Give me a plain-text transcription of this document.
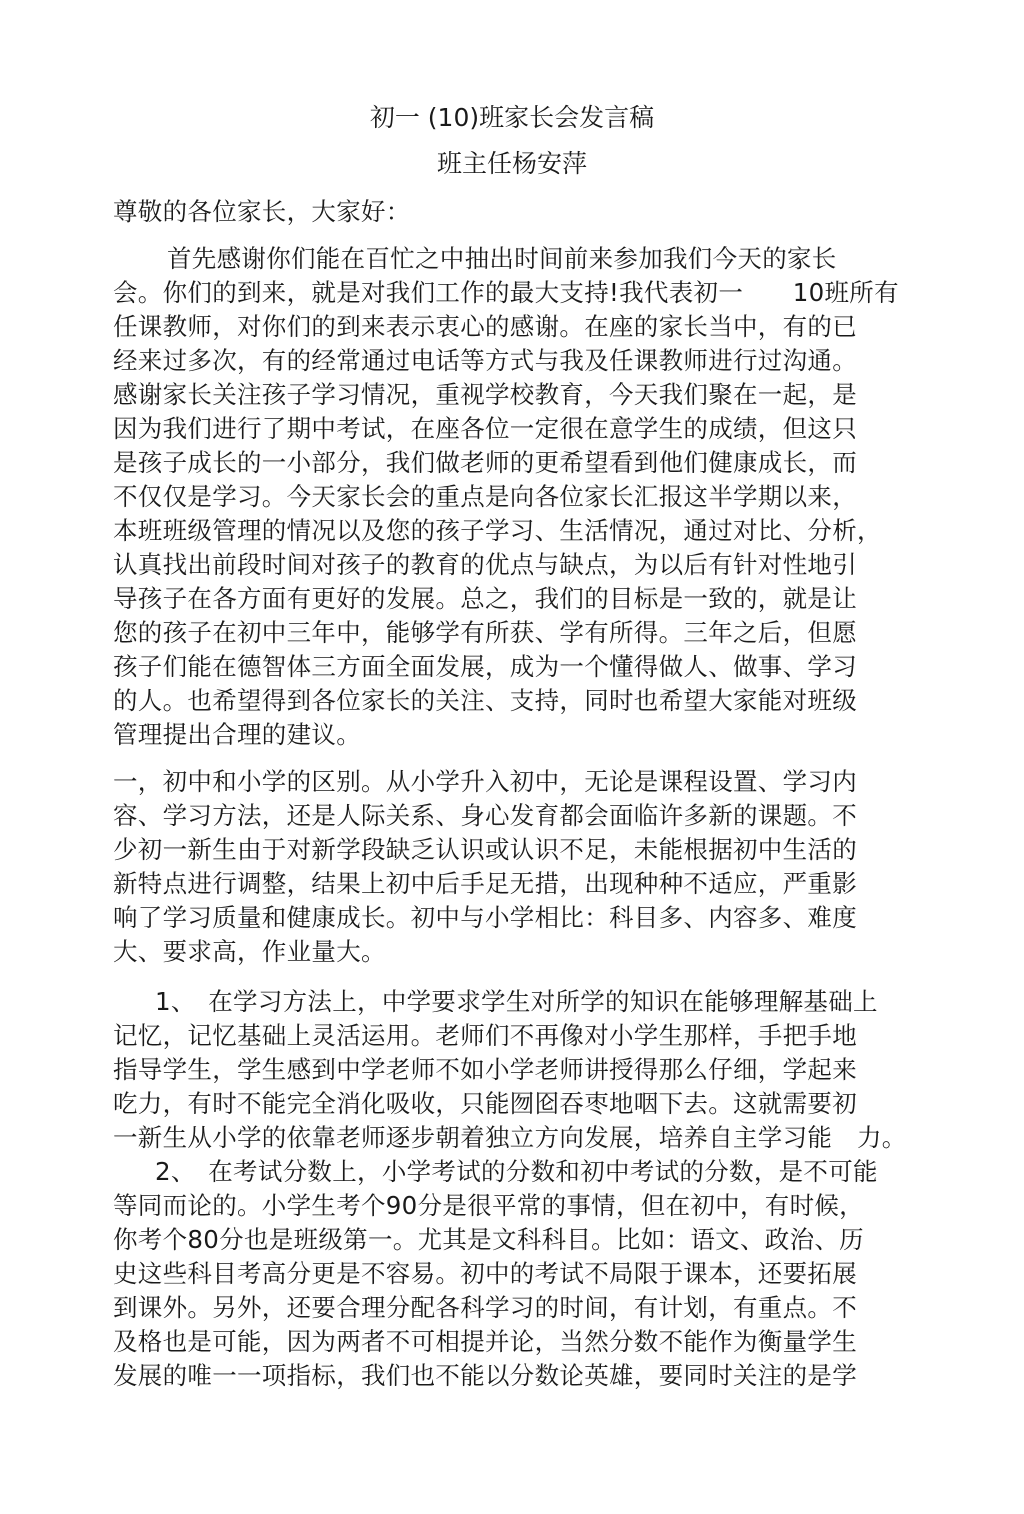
初一 (10)班家长会发言稿
班主任杨安萍
尊敬的各位家长，大家好：
首先感谢你们能在百忙之中抽出时间前来参加我们今天的家长
会。你们的到来，就是对我们工作的最大支持!我代表初一　　10班所有
任课教师，对你们的到来表示衷心的感谢。在座的家长当中，有的已
经来过多次，有的经常通过电话等方式与我及任课教师进行过沟通。
感谢家长关注孩子学习情况，重视学校教育，今天我们聚在一起，是
因为我们进行了期中考试，在座各位一定很在意学生的成绩，但这只
是孩子成长的一小部分，我们做老师的更希望看到他们健康成长，而
不仅仅是学习。今天家长会的重点是向各位家长汇报这半学期以来，
本班班级管理的情况以及您的孩子学习、生活情况，通过对比、分析，
认真找出前段时间对孩子的教育的优点与缺点，为以后有针对性地引
导孩子在各方面有更好的发展。总之，我们的目标是一致的，就是让
您的孩子在初中三年中，能够学有所获、学有所得。三年之后，但愿
孩子们能在德智体三方面全面发展，成为一个懂得做人、做事、学习
的人。也希望得到各位家长的关注、支持，同时也希望大家能对班级
管理提出合理的建议。
一，初中和小学的区别。从小学升入初中，无论是课程设置、学习内
容、学习方法，还是人际关系、身心发育都会面临许多新的课题。不
少初一新生由于对新学段缺乏认识或认识不足，未能根据初中生活的
新特点进行调整，结果上初中后手足无措，出现种种不适应，严重影
响了学习质量和健康成长。初中与小学相比：科目多、内容多、难度
大、要求高，作业量大。
1、　在学习方法上，中学要求学生对所学的知识在能够理解基础上
记忆，记忆基础上灵活运用。老师们不再像对小学生那样，手把手地
指导学生，学生感到中学老师不如小学老师讲授得那么仔细，学起来
吃力，有时不能完全消化吸收，只能囫囵吞枣地咽下去。这就需要初
一新生从小学的依靠老师逐步朝着独立方向发展，培养自主学习能　力。
2、　在考试分数上，小学考试的分数和初中考试的分数，是不可能
等同而论的。小学生考个90分是很平常的事情，但在初中，有时候，
你考个80分也是班级第一。尤其是文科科目。比如：语文、政治、历
史这些科目考高分更是不容易。初中的考试不局限于课本，还要拓展
到课外。另外，还要合理分配各科学习的时间，有计划，有重点。不
及格也是可能，因为两者不可相提并论，当然分数不能作为衡量学生
发展的唯一一项指标，我们也不能以分数论英雄，要同时关注的是学
